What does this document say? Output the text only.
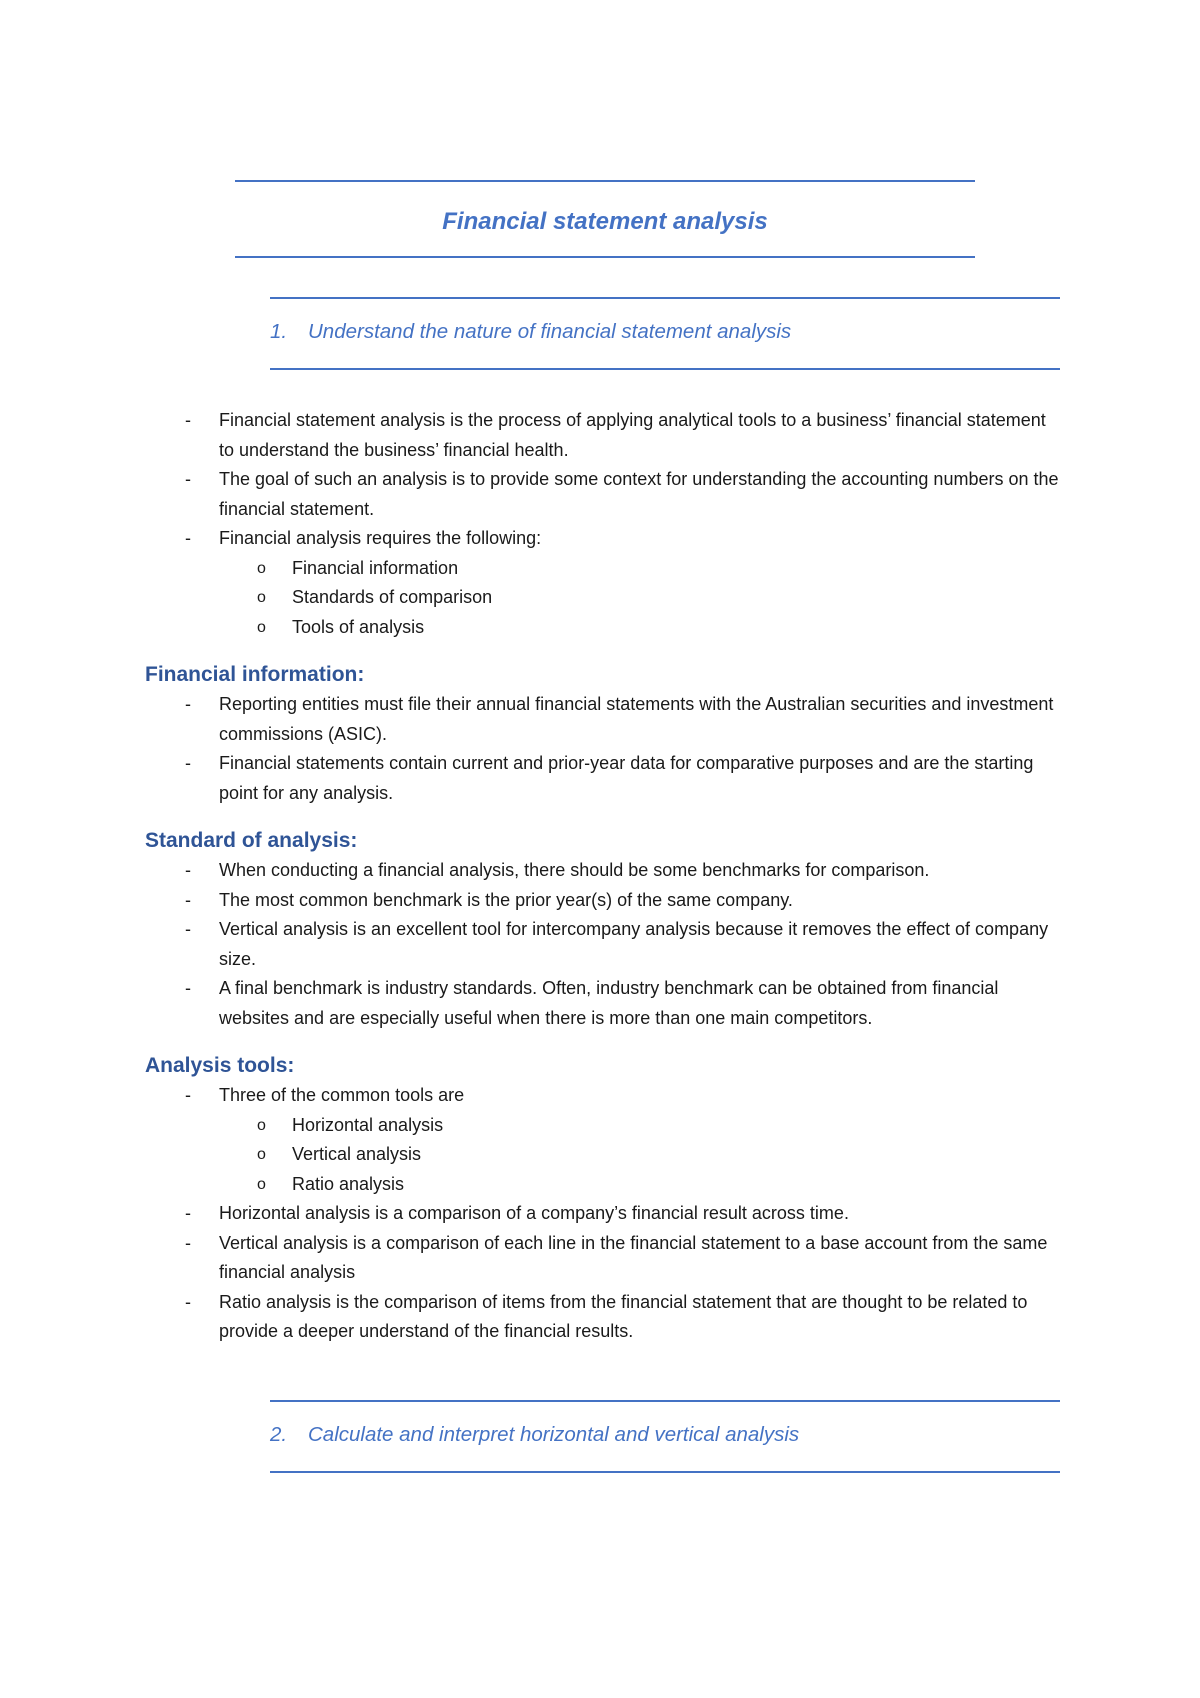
Financial statement analysis
1. Understand the nature of financial statement analysis
- Financial statement analysis is the process of applying analytical tools to a business’ financial statement to understand the business’ financial health.
- The goal of such an analysis is to provide some context for understanding the accounting numbers on the financial statement.
- Financial analysis requires the following:
o Financial information
o Standards of comparison
o Tools of analysis
Financial information:
- Reporting entities must file their annual financial statements with the Australian securities and investment commissions (ASIC).
- Financial statements contain current and prior-year data for comparative purposes and are the starting point for any analysis.
Standard of analysis:
- When conducting a financial analysis, there should be some benchmarks for comparison.
- The most common benchmark is the prior year(s) of the same company.
- Vertical analysis is an excellent tool for intercompany analysis because it removes the effect of company size.
- A final benchmark is industry standards. Often, industry benchmark can be obtained from financial websites and are especially useful when there is more than one main competitors.
Analysis tools:
- Three of the common tools are
o Horizontal analysis
o Vertical analysis
o Ratio analysis
- Horizontal analysis is a comparison of a company’s financial result across time.
- Vertical analysis is a comparison of each line in the financial statement to a base account from the same financial analysis
- Ratio analysis is the comparison of items from the financial statement that are thought to be related to provide a deeper understand of the financial results.
2. Calculate and interpret horizontal and vertical analysis
